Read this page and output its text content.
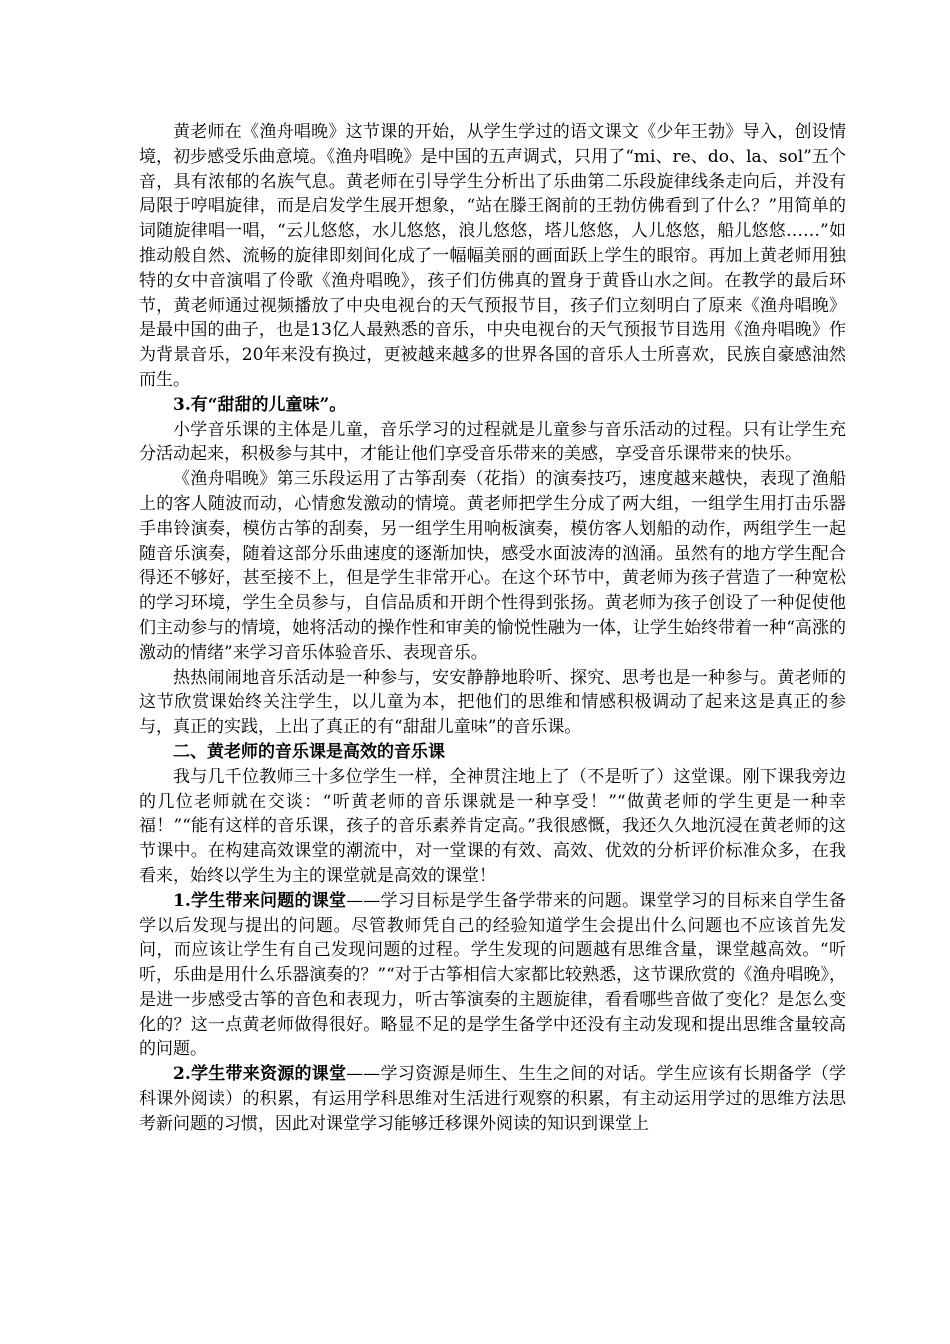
黄老师在《渔舟唱晚》这节课的开始，从学生学过的语文课文《少年王勃》导入，创设情境，初步感受乐曲意境。《渔舟唱晚》是中国的五声调式，只用了“mi、re、do、la、sol”五个音，具有浓郁的名族气息。黄老师在引导学生分析出了乐曲第二乐段旋律线条走向后，并没有局限于哼唱旋律，而是启发学生展开想象，“站在滕王阁前的王勃仿佛看到了什么？”用简单的词随旋律唱一唱，“云儿悠悠，水儿悠悠，浪儿悠悠，塔儿悠悠，人儿悠悠，船儿悠悠……”如推动般自然、流畅的旋律即刻间化成了一幅幅美丽的画面跃上学生的眼帘。再加上黄老师用独特的女中音演唱了伶歌《渔舟唱晚》，孩子们仿佛真的置身于黄昏山水之间。在教学的最后环节，黄老师通过视频播放了中央电视台的天气预报节目，孩子们立刻明白了原来《渔舟唱晚》是最中国的曲子，也是13亿人最熟悉的音乐，中央电视台的天气预报节目选用《渔舟唱晚》作为背景音乐，20年来没有换过，更被越来越多的世界各国的音乐人士所喜欢，民族自豪感油然而生。

3.有“甜甜的儿童味”。

小学音乐课的主体是儿童，音乐学习的过程就是儿童参与音乐活动的过程。只有让学生充分活动起来，积极参与其中，才能让他们享受音乐带来的美感，享受音乐课带来的快乐。

《渔舟唱晚》第三乐段运用了古筝刮奏（花指）的演奏技巧，速度越来越快，表现了渔船上的客人随波而动，心情愈发激动的情境。黄老师把学生分成了两大组，一组学生用打击乐器手串铃演奏，模仿古筝的刮奏，另一组学生用响板演奏，模仿客人划船的动作，两组学生一起随音乐演奏，随着这部分乐曲速度的逐渐加快，感受水面波涛的汹涌。虽然有的地方学生配合得还不够好，甚至接不上，但是学生非常开心。在这个环节中，黄老师为孩子营造了一种宽松的学习环境，学生全员参与，自信品质和开朗个性得到张扬。黄老师为孩子创设了一种促使他们主动参与的情境，她将活动的操作性和审美的愉悦性融为一体，让学生始终带着一种“高涨的激动的情绪”来学习音乐体验音乐、表现音乐。

热热闹闹地音乐活动是一种参与，安安静静地聆听、探究、思考也是一种参与。黄老师的这节欣赏课始终关注学生，以儿童为本，把他们的思维和情感积极调动了起来这是真正的参与，真正的实践，上出了真正的有“甜甜儿童味”的音乐课。

二、黄老师的音乐课是高效的音乐课

我与几千位教师三十多位学生一样，全神贯注地上了（不是听了）这堂课。刚下课我旁边的几位老师就在交谈：“听黄老师的音乐课就是一种享受！”“做黄老师的学生更是一种幸福！”“能有这样的音乐课，孩子的音乐素养肯定高。”我很感慨，我还久久地沉浸在黄老师的这节课中。在构建高效课堂的潮流中，对一堂课的有效、高效、优效的分析评价标准众多，在我看来，始终以学生为主的课堂就是高效的课堂！

1.学生带来问题的课堂——学习目标是学生备学带来的问题。课堂学习的目标来自学生备学以后发现与提出的问题。尽管教师凭自己的经验知道学生会提出什么问题也不应该首先发问，而应该让学生有自己发现问题的过程。学生发现的问题越有思维含量，课堂越高效。“听听，乐曲是用什么乐器演奏的？”“对于古筝相信大家都比较熟悉，这节课欣赏的《渔舟唱晚》，是进一步感受古筝的音色和表现力，听古筝演奏的主题旋律，看看哪些音做了变化？是怎么变化的？这一点黄老师做得很好。略显不足的是学生备学中还没有主动发现和提出思维含量较高的问题。

2.学生带来资源的课堂——学习资源是师生、生生之间的对话。学生应该有长期备学（学科课外阅读）的积累，有运用学科思维对生活进行观察的积累，有主动运用学过的思维方法思考新问题的习惯，因此对课堂学习能够迁移课外阅读的知识到课堂上
